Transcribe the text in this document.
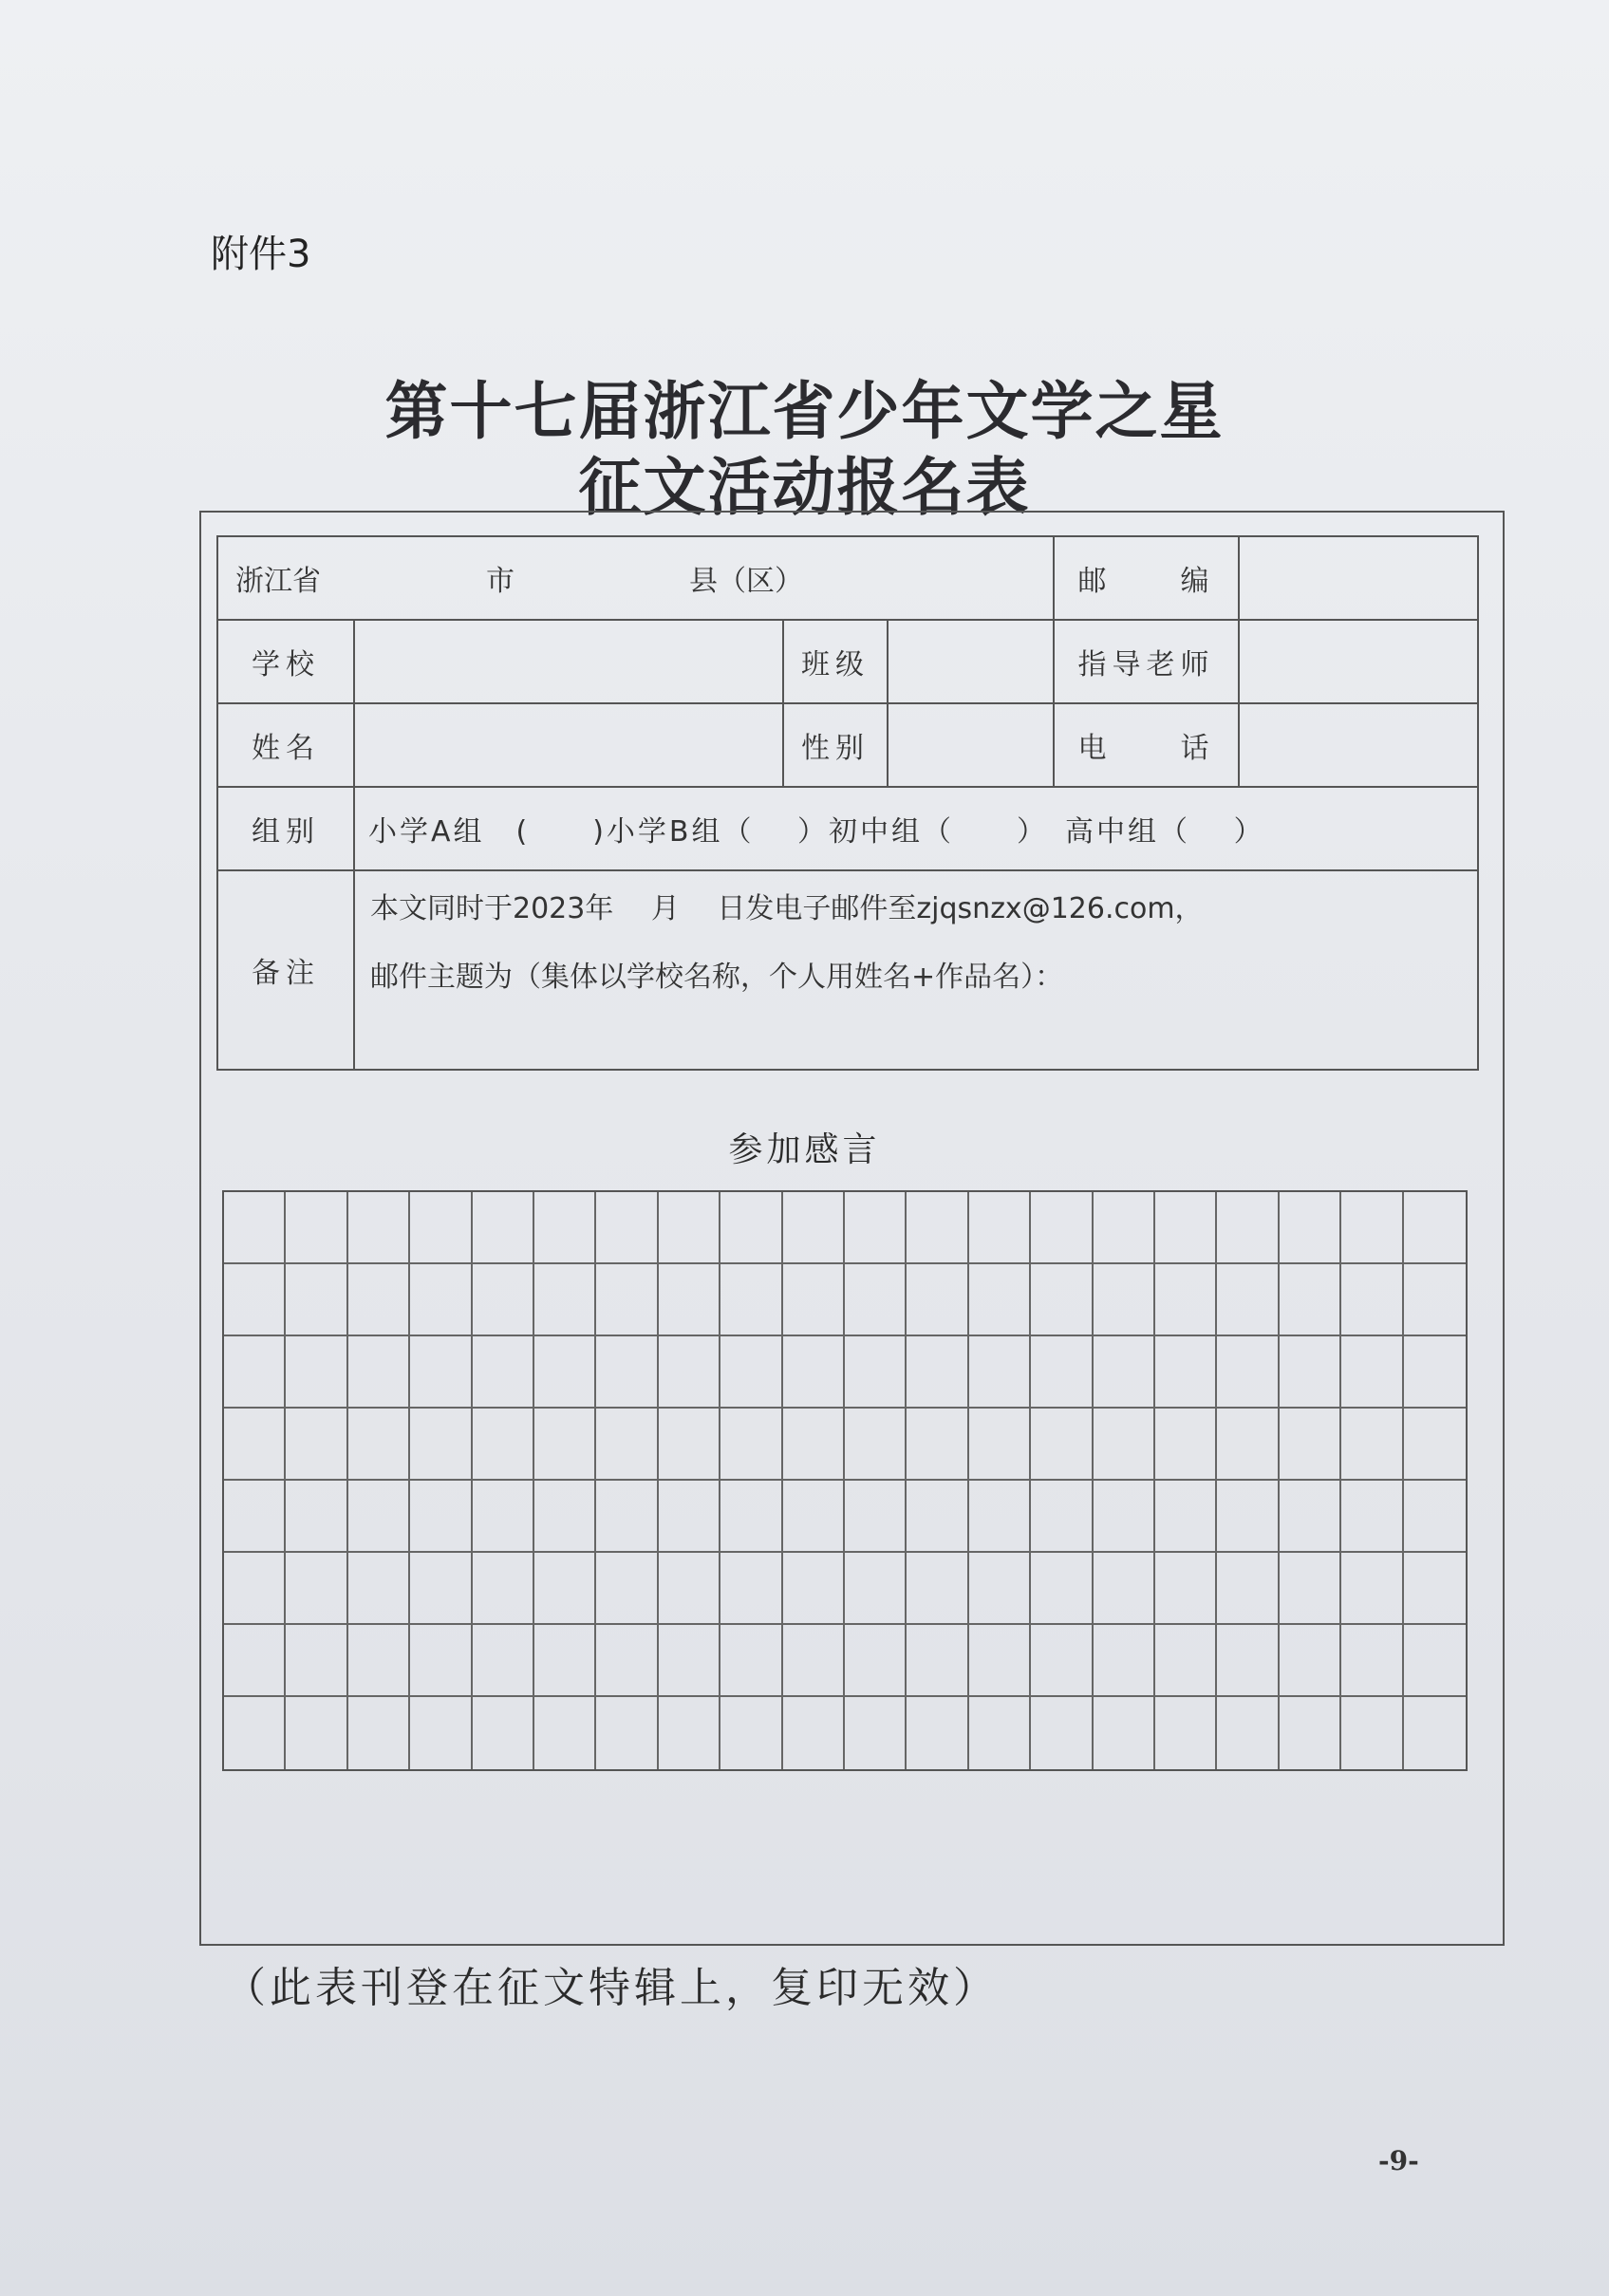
附件3
第十七届浙江省少年文学之星
征文活动报名表
浙江省 市 县（区）				邮　　编	
学校		班级		指导老师	
姓名		性别		电　　话	
组别	小学A组　(　　)小学B组（　 ）初中组（　　）　高中组（　 ）				
备注	本文同时于2023年　 月　 日发电子邮件至zjqsnzx@126.com，
邮件主题为（集体以学校名称，个人用姓名+作品名）：				
参加感言
（此表刊登在征文特辑上，复印无效）
-9-
